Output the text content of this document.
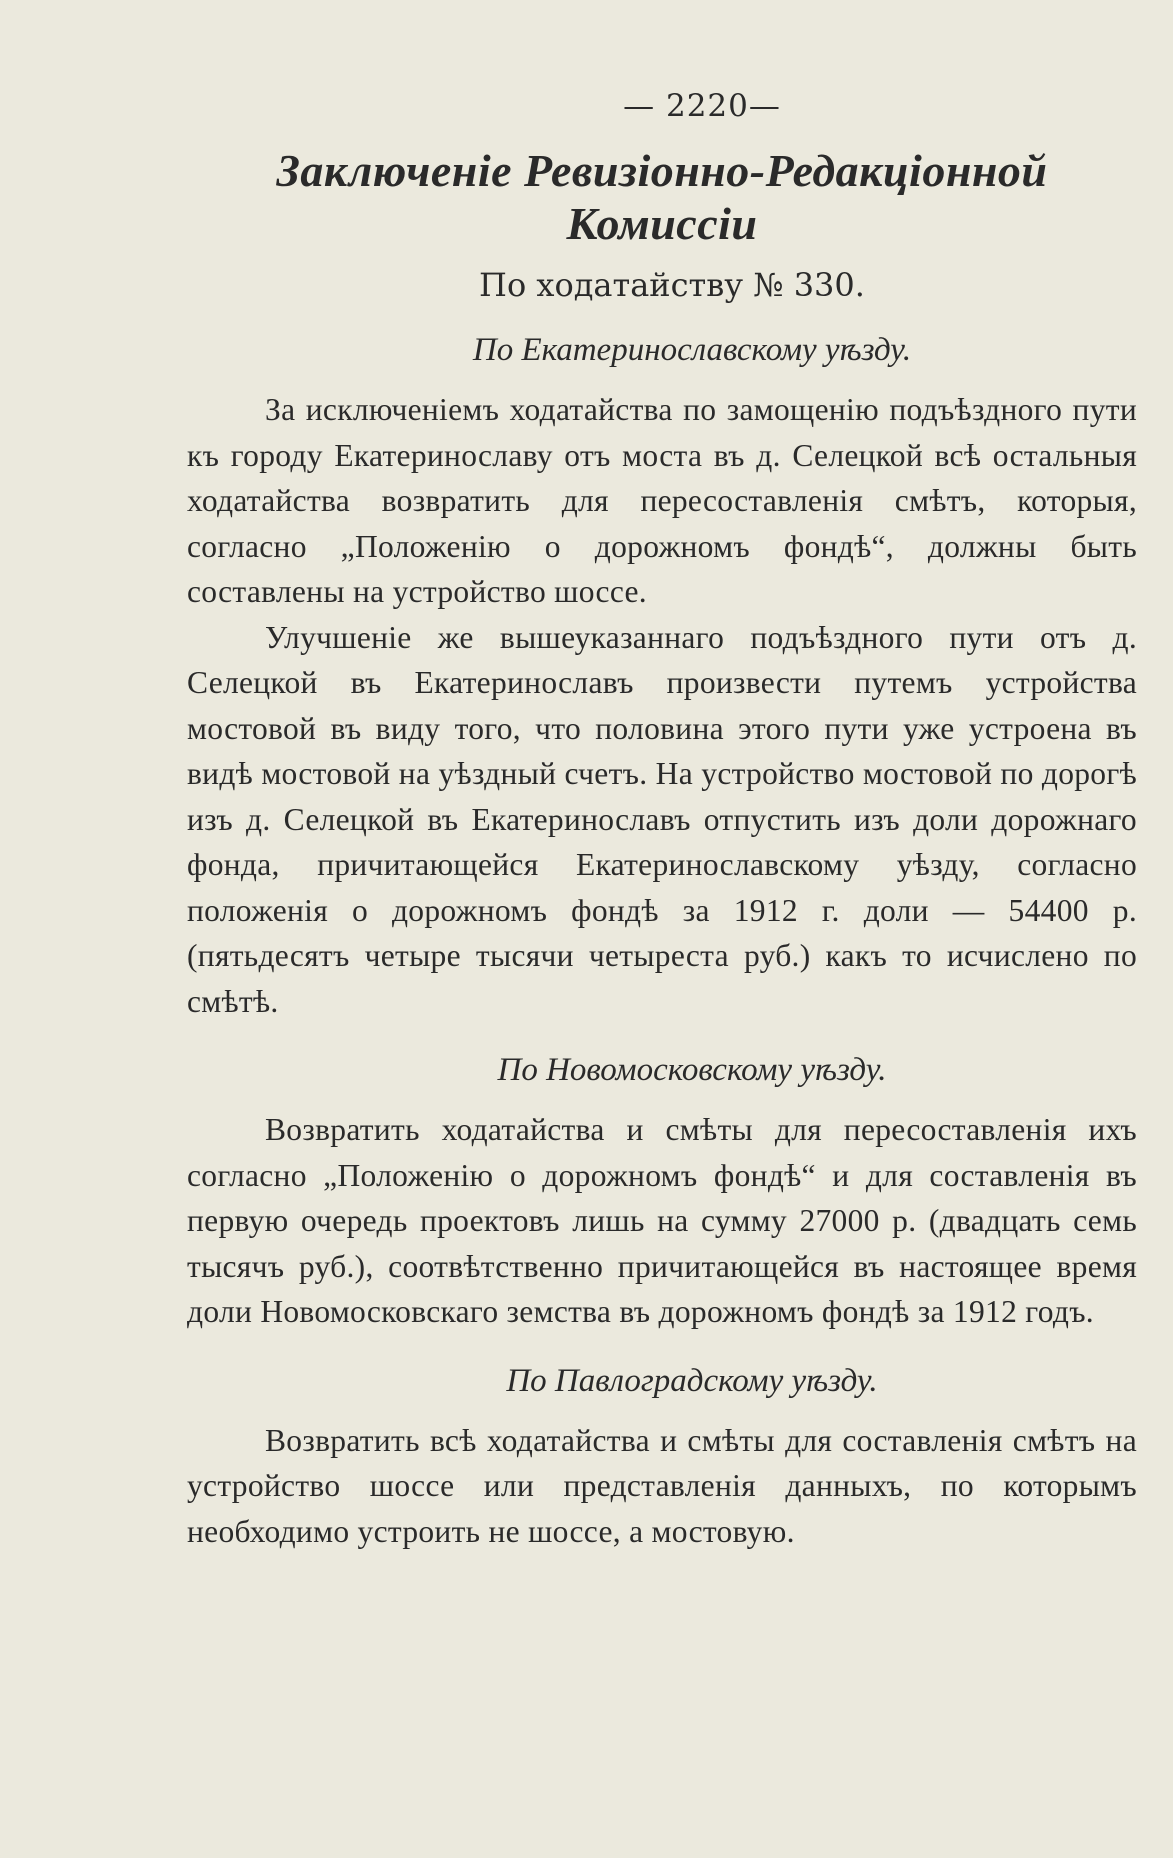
— 2220—
Заключеніе Ревизіонно-Редакціонной Комиссіи
По ходатайству № 330.
По Екатеринославскому уѣзду.

За исключеніемъ ходатайства по замощенію подъѣздного пути къ городу Екатеринославу отъ моста въ д. Селецкой всѣ остальныя ходатайства возвратить для пересоставленія смѣтъ, которыя, согласно „Положенію о дорожномъ фондѣ“, должны быть составлены на устройство шоссе.

Улучшеніе же вышеуказаннаго подъѣздного пути отъ д. Селецкой въ Екатеринославъ произвести путемъ устройства мостовой въ виду того, что половина этого пути уже устроена въ видѣ мостовой на уѣздный счетъ. На устройство мостовой по дорогѣ изъ д. Селецкой въ Екатеринославъ отпустить изъ доли дорожнаго фонда, причитающейся Екатеринославскому уѣзду, согласно положенія о дорожномъ фондѣ за 1912 г. доли — 54400 р. (пятьдесятъ четыре тысячи четыреста руб.) какъ то исчислено по смѣтѣ.

По Новомосковскому уѣзду.

Возвратить ходатайства и смѣты для пересоставленія ихъ согласно „Положенію о дорожномъ фондѣ“ и для составленія въ первую очередь проектовъ лишь на сумму 27000 р. (двадцать семь тысячъ руб.), соотвѣтственно причитающейся въ настоящее время доли Новомосковскаго земства въ дорожномъ фондѣ за 1912 годъ.

По Павлоградскому уѣзду.

Возвратить всѣ ходатайства и смѣты для составленія смѣтъ на устройство шоссе или представленія данныхъ, по которымъ необходимо устроить не шоссе, а мостовую.
